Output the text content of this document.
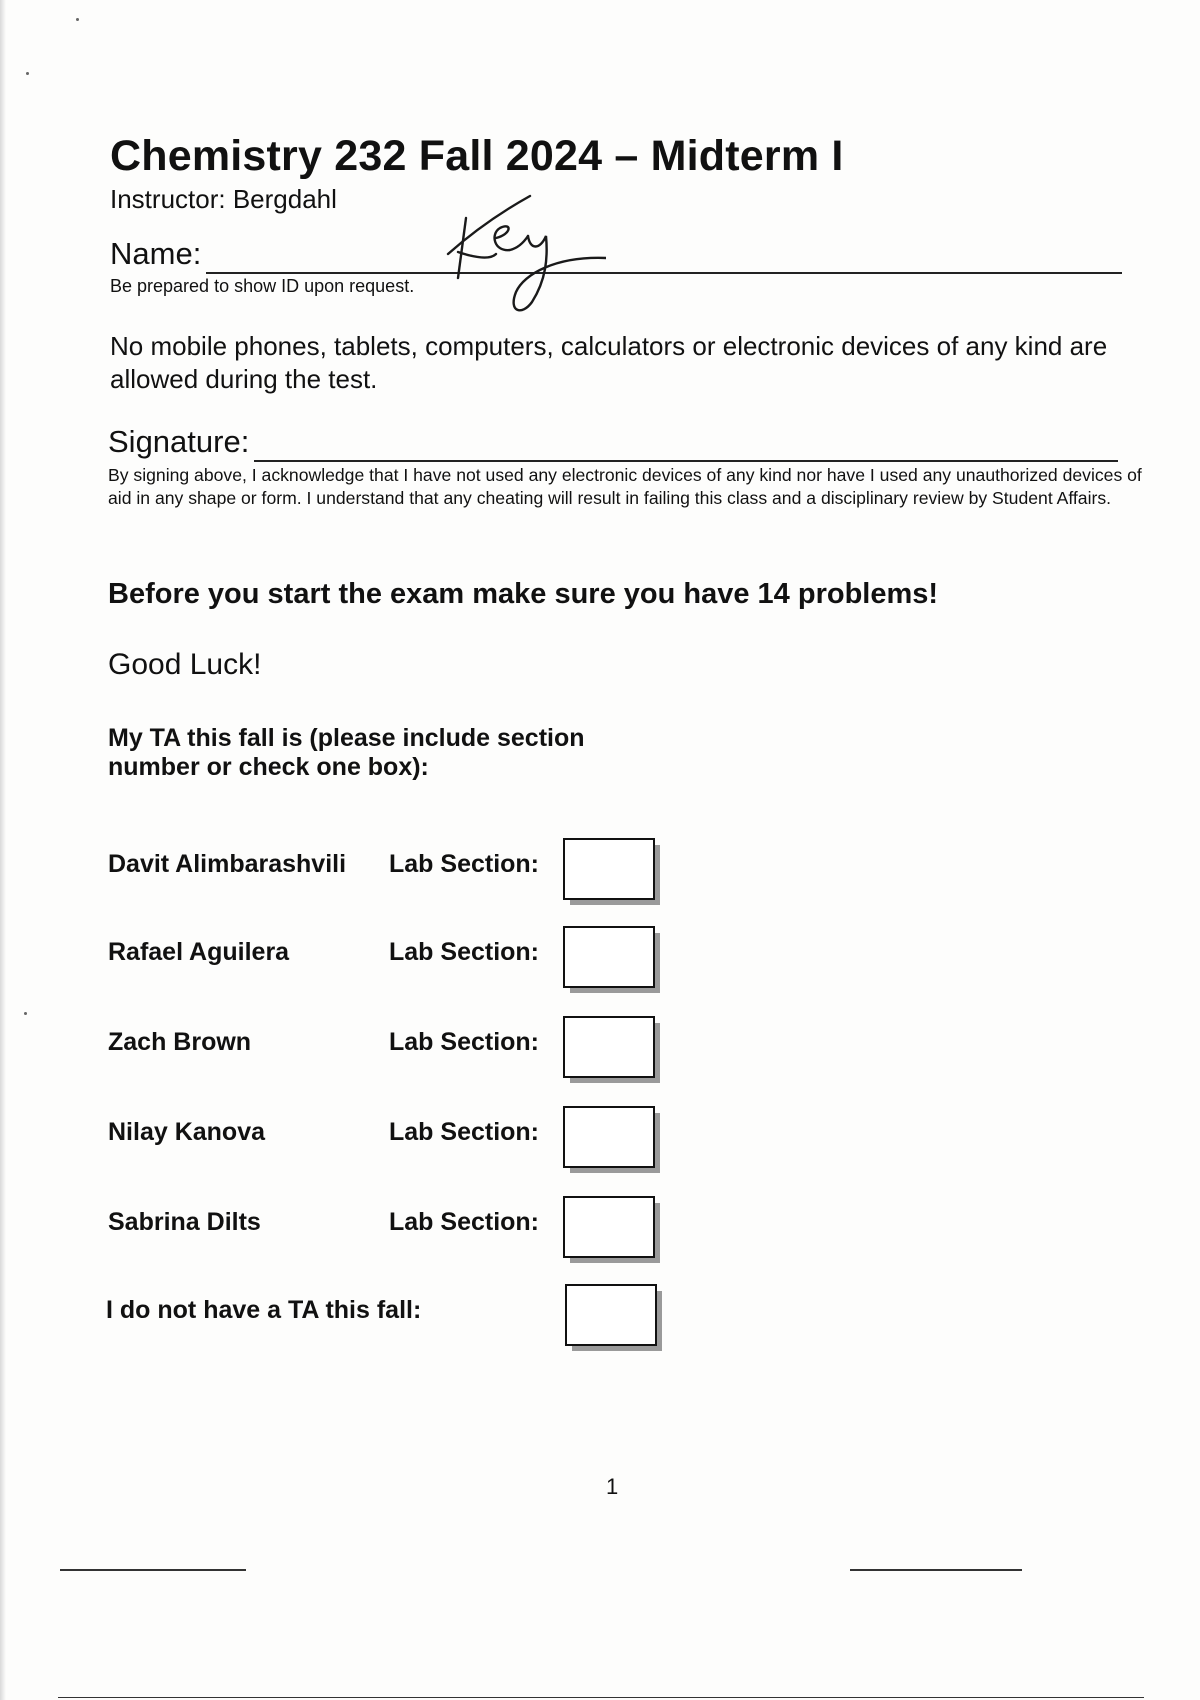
Chemistry 232 Fall 2024 – Midterm I
Instructor: Bergdahl
Name:
Be prepared to show ID upon request.
No mobile phones, tablets, computers, calculators or electronic devices of any kind are allowed during the test.
Signature:
By signing above, I acknowledge that I have not used any electronic devices of any kind nor have I used any unauthorized devices of aid in any shape or form. I understand that any cheating will result in failing this class and a disciplinary review by Student Affairs.
Before you start the exam make sure you have 14 problems!
Good Luck!
My TA this fall is (please include section number or check one box):
Davit Alimbarashvili Lab Section:
Rafael Aguilera	Lab Section:
Zach Brown	Lab Section:
Nilay Kanova	Lab Section:
Sabrina Dilts	Lab Section:
I do not have a TA this fall:
1
